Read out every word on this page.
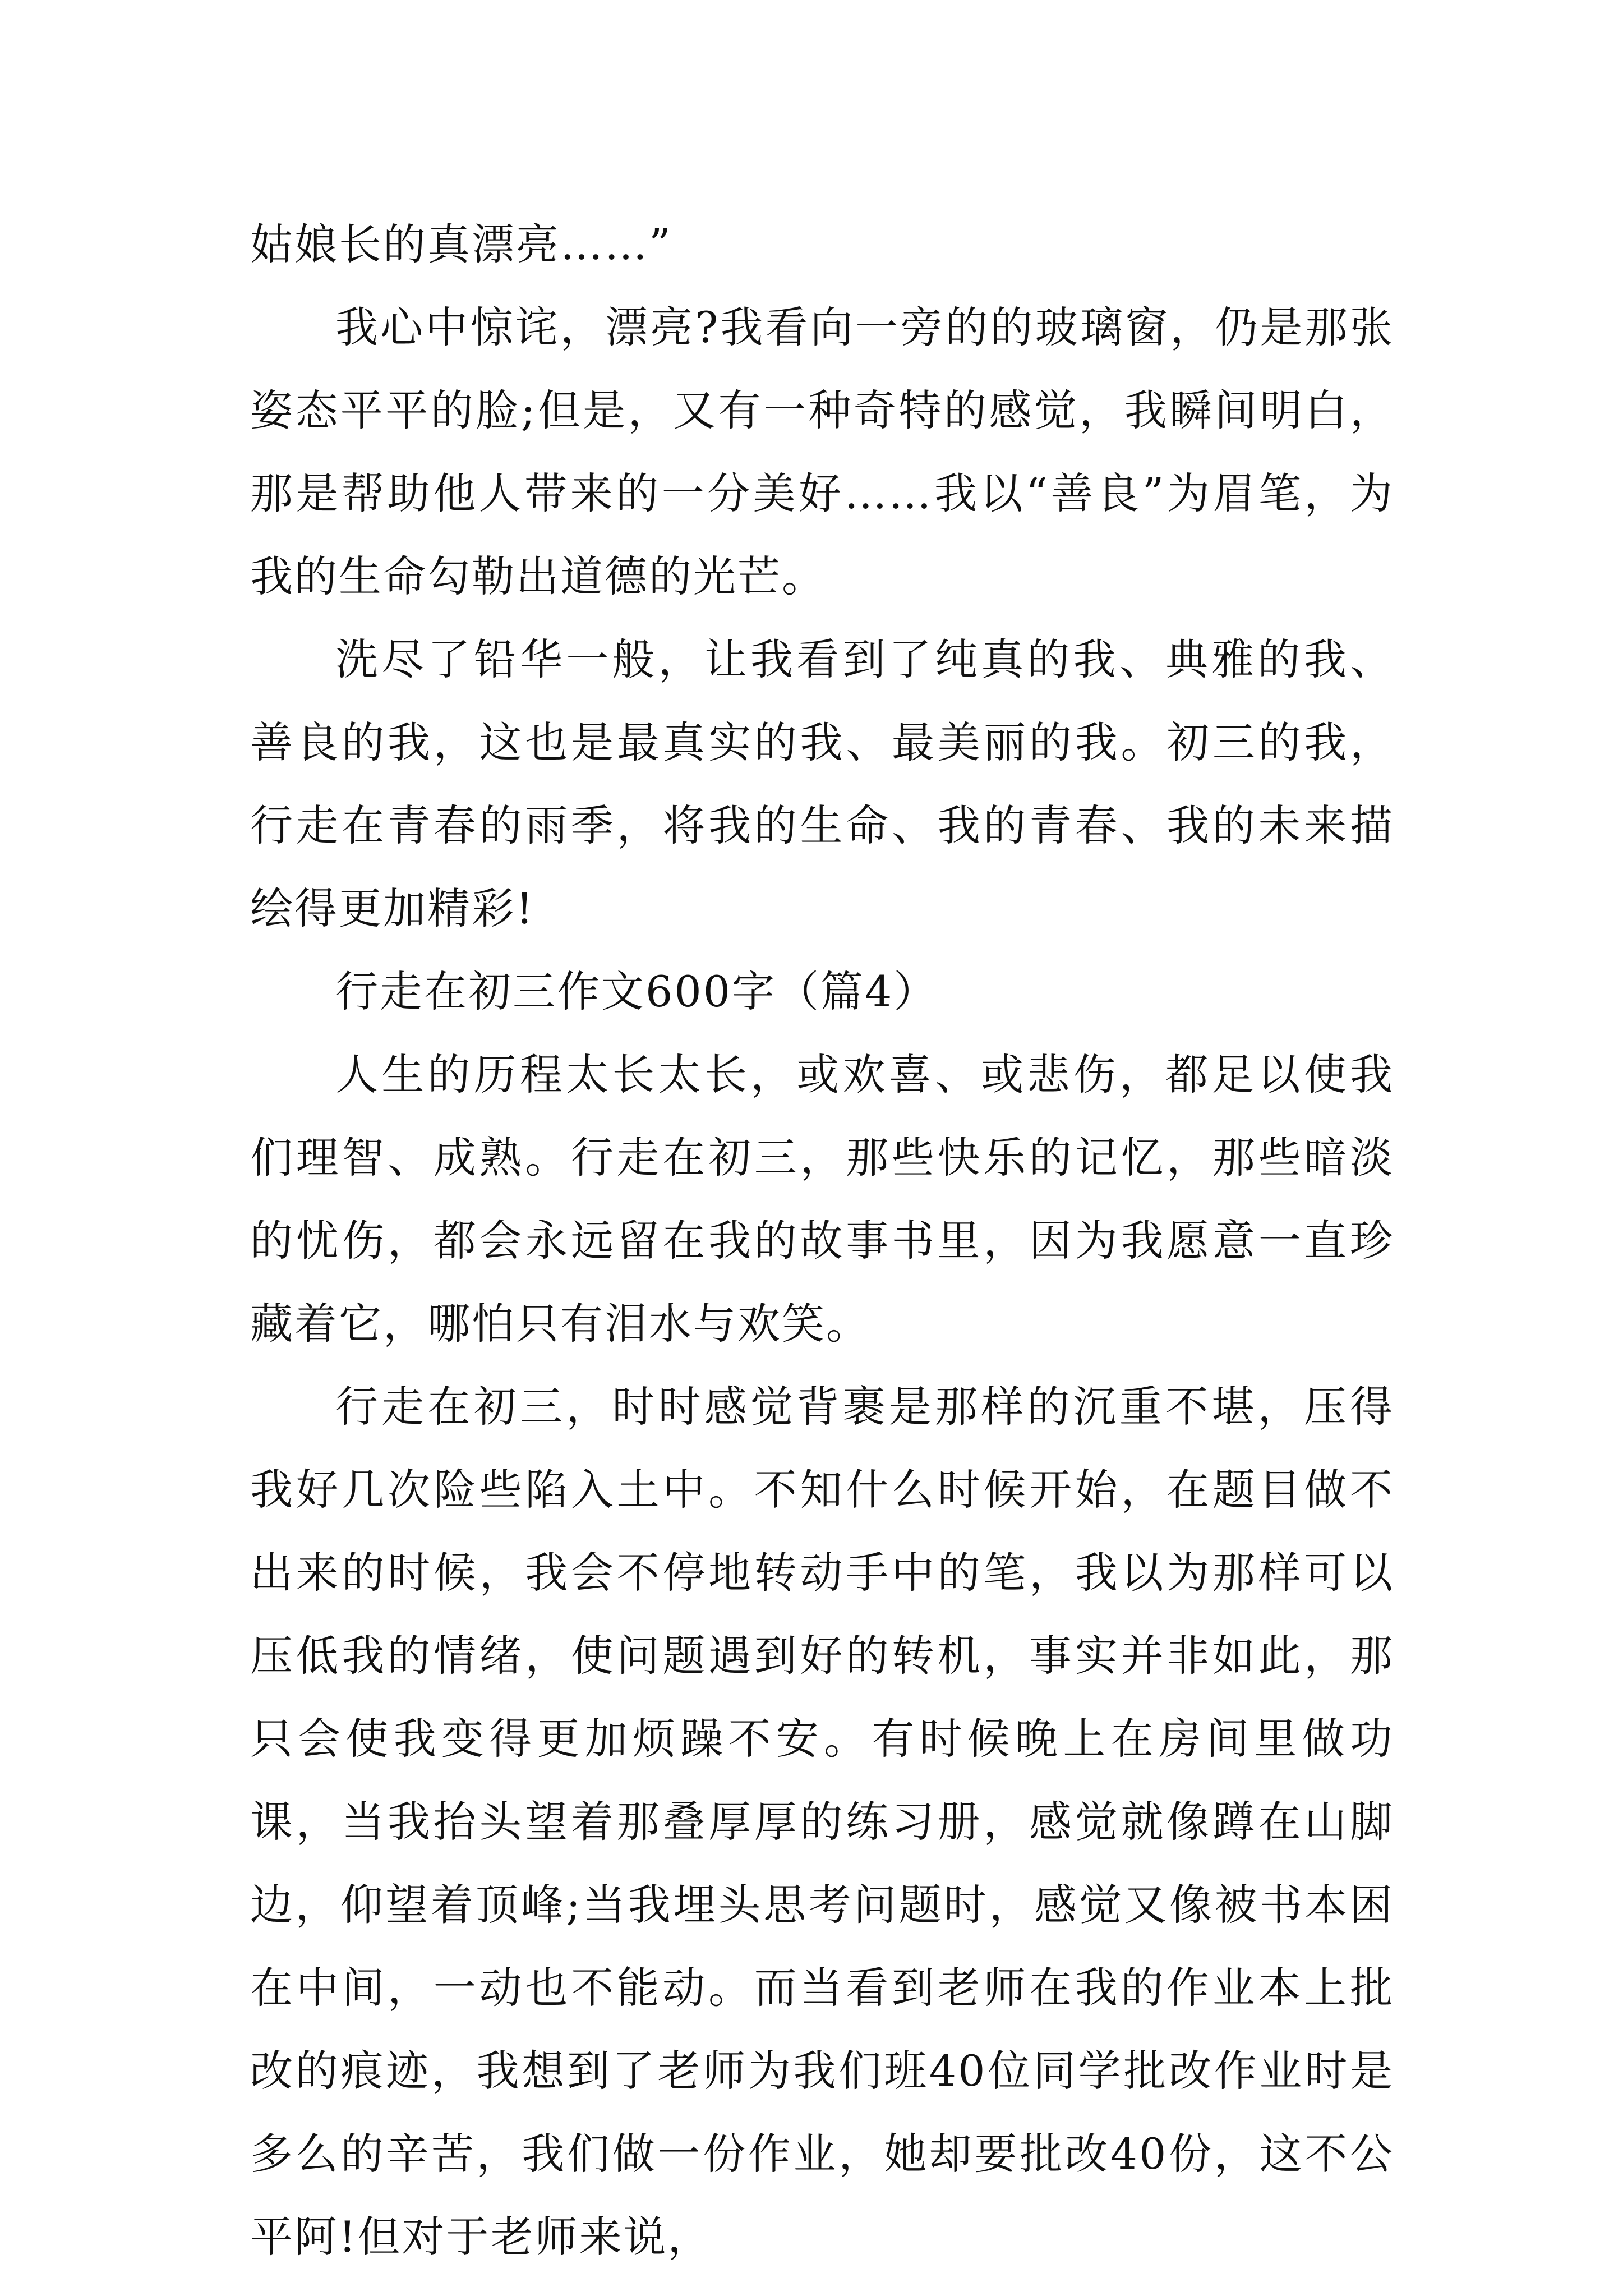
姑娘长的真漂亮……”

我心中惊诧，漂亮?我看向一旁的的玻璃窗，仍是那张姿态平平的脸;但是，又有一种奇特的感觉，我瞬间明白，那是帮助他人带来的一分美好……我以“善良”为眉笔，为我的生命勾勒出道德的光芒。

洗尽了铅华一般，让我看到了纯真的我、典雅的我、善良的我，这也是最真实的我、最美丽的我。初三的我，行走在青春的雨季，将我的生命、我的青春、我的未来描绘得更加精彩!

行走在初三作文600字（篇4）

人生的历程太长太长，或欢喜、或悲伤，都足以使我们理智、成熟。行走在初三，那些快乐的记忆，那些暗淡的忧伤，都会永远留在我的故事书里，因为我愿意一直珍藏着它，哪怕只有泪水与欢笑。

行走在初三，时时感觉背裹是那样的沉重不堪，压得我好几次险些陷入土中。不知什么时候开始，在题目做不出来的时候，我会不停地转动手中的笔，我以为那样可以压低我的情绪，使问题遇到好的转机，事实并非如此，那只会使我变得更加烦躁不安。有时候晚上在房间里做功课，当我抬头望着那叠厚厚的练习册，感觉就像蹲在山脚边，仰望着顶峰;当我埋头思考问题时，感觉又像被书本困在中间，一动也不能动。而当看到老师在我的作业本上批改的痕迹，我想到了老师为我们班40位同学批改作业时是多么的辛苦，我们做一份作业，她却要批改40份，这不公平阿!但对于老师来说，
